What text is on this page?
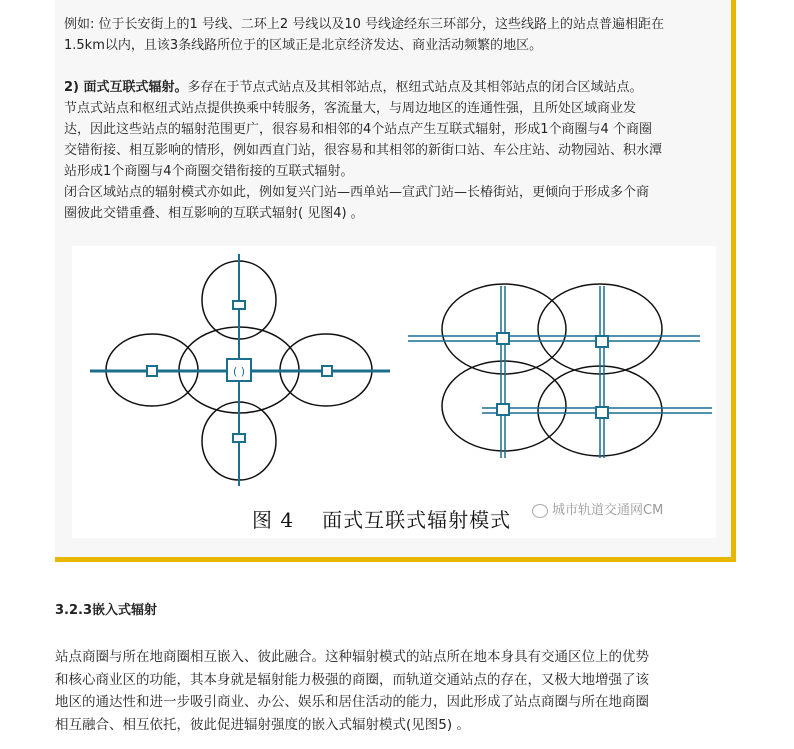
例如: 位于长安街上的1 号线、二环上2 号线以及10 号线途经东三环部分，这些线路上的站点普遍相距在

1.5km以内，且该3条线路所位于的区域正是北京经济发达、商业活动频繁的地区。

2) 面式互联式辐射。多存在于节点式站点及其相邻站点，枢纽式站点及其相邻站点的闭合区域站点。

节点式站点和枢纽式站点提供换乘中转服务，客流量大，与周边地区的连通性强，且所处区域商业发

达，因此这些站点的辐射范围更广，很容易和相邻的4个站点产生互联式辐射，形成1个商圈与4 个商圈

交错衔接、相互影响的情形，例如西直门站，很容易和其相邻的新街口站、车公庄站、动物园站、积水潭

站形成1个商圈与4个商圈交错衔接的互联式辐射。

闭合区域站点的辐射模式亦如此，例如复兴门站—西单站—宣武门站—长椿街站，更倾向于形成多个商

圈彼此交错重叠、相互影响的互联式辐射( 见图4) 。

( )
图 4 面式互联式辐射模式	城市轨道交通网CM
3.2.3嵌入式辐射
站点商圈与所在地商圈相互嵌入、彼此融合。这种辐射模式的站点所在地本身具有交通区位上的优势
和核心商业区的功能，其本身就是辐射能力极强的商圈，而轨道交通站点的存在，又极大地增强了该
地区的通达性和进一步吸引商业、办公、娱乐和居住活动的能力，因此形成了站点商圈与所在地商圈
相互融合、相互依托，彼此促进辐射强度的嵌入式辐射模式(见图5) 。
